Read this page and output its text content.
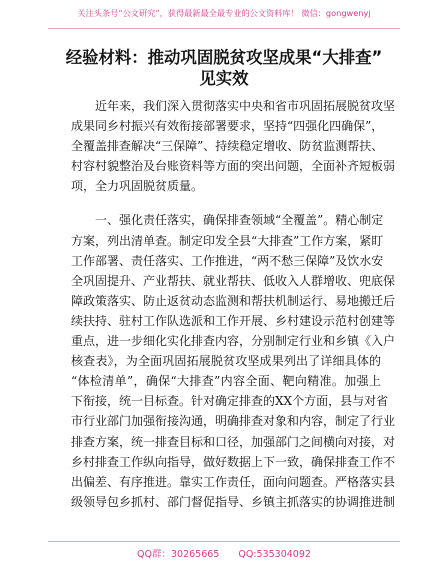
关注头条号“公文研究”，获得最新最全最专业的公文资料库！ 微信：gongwenyj
经验材料：推动巩固脱贫攻坚成果“大排查”
见实效
近年来，我们深入贯彻落实中央和省市巩固拓展脱贫攻坚
成果同乡村振兴有效衔接部署要求，坚持“四强化四确保”，
全覆盖排查解决“三保障”、持续稳定增收、防贫监测帮扶、
村容村貌整治及台账资料等方面的突出问题，全面补齐短板弱
项，全力巩固脱贫质量。
一、强化责任落实，确保排查领域“全覆盖”。精心制定
方案，列出清单查。制定印发全县“大排查”工作方案，紧盯
工作部署、责任落实、工作推进，“两不愁三保障”及饮水安
全巩固提升、产业帮扶、就业帮扶、低收入人群增收、兜底保
障政策落实、防止返贫动态监测和帮扶机制运行、易地搬迁后
续扶持、驻村工作队选派和工作开展、乡村建设示范村创建等
重点，进一步细化实化排查内容，分别制定行业和乡镇《入户
核查表》，为全面巩固拓展脱贫攻坚成果列出了详细具体的
“体检清单”，确保“大排查”内容全面、靶向精准。加强上
下衔接，统一目标查。针对确定排查的XX个方面，县与对省
市行业部门加强衔接沟通，明确排查对象和内容，制定了行业
排查方案，统一排查目标和口径，加强部门之间横向对接，对
乡村排查工作纵向指导，做好数据上下一致，确保排查工作不
出偏差、有序推进。靠实工作责任，面向问题查。严格落实县
级领导包乡抓村、部门督促指导、乡镇主抓落实的协调推进制
QQ群：30265665 QQ:535304092
